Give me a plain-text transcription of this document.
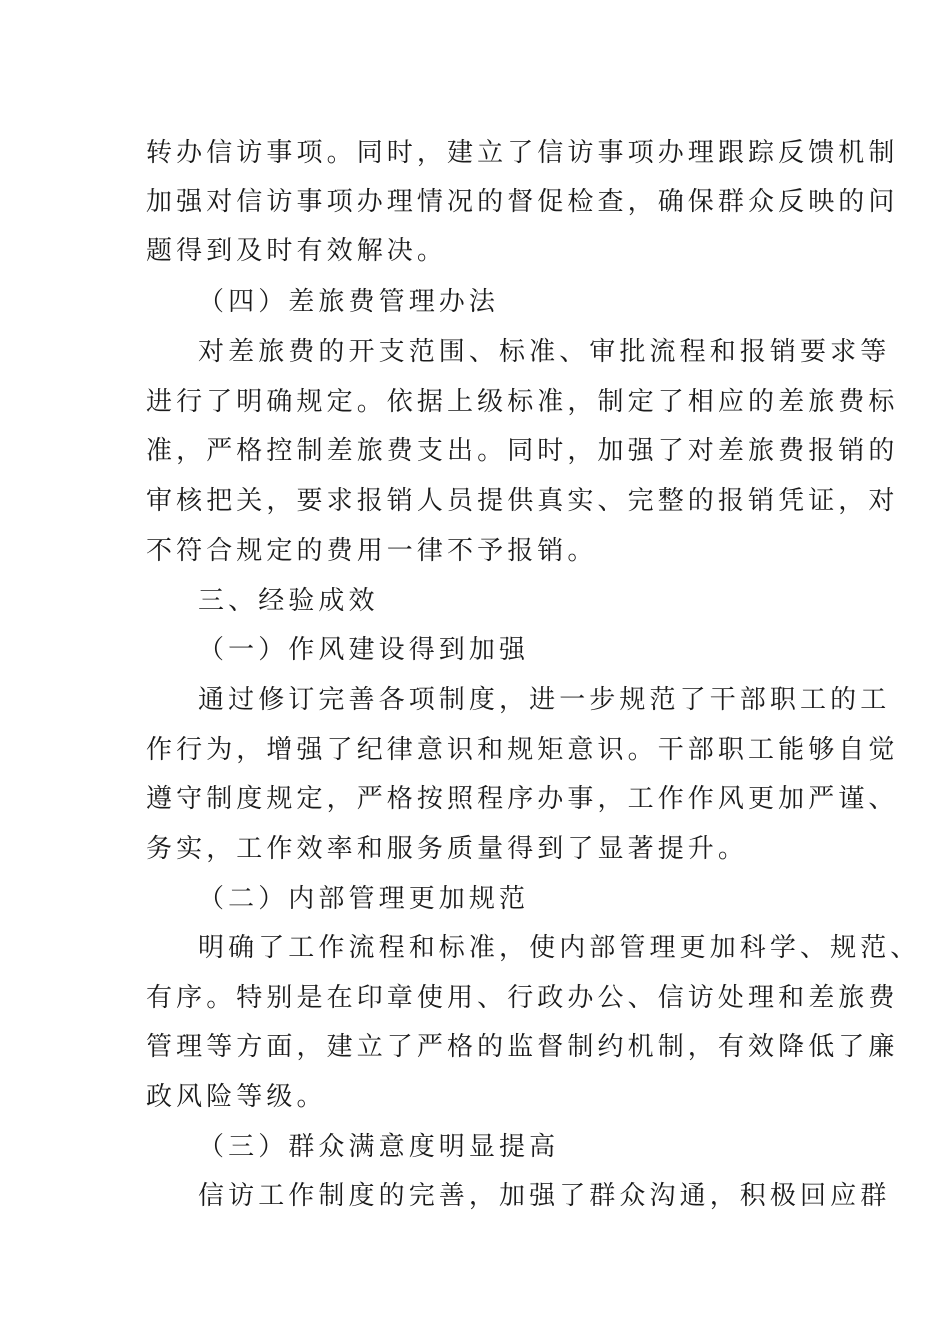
转办信访事项。同时，建立了信访事项办理跟踪反馈机制

加强对信访事项办理情况的督促检查，确保群众反映的问

题得到及时有效解决。

（四）差旅费管理办法

对差旅费的开支范围、标准、审批流程和报销要求等

进行了明确规定。依据上级标准，制定了相应的差旅费标

准，严格控制差旅费支出。同时，加强了对差旅费报销的

审核把关，要求报销人员提供真实、完整的报销凭证，对

不符合规定的费用一律不予报销。

三、经验成效

（一）作风建设得到加强

通过修订完善各项制度，进一步规范了干部职工的工

作行为，增强了纪律意识和规矩意识。干部职工能够自觉

遵守制度规定，严格按照程序办事，工作作风更加严谨、

务实，工作效率和服务质量得到了显著提升。

（二）内部管理更加规范

明确了工作流程和标准，使内部管理更加科学、规范、

有序。特别是在印章使用、行政办公、信访处理和差旅费

管理等方面，建立了严格的监督制约机制，有效降低了廉

政风险等级。

（三）群众满意度明显提高

信访工作制度的完善，加强了群众沟通，积极回应群
